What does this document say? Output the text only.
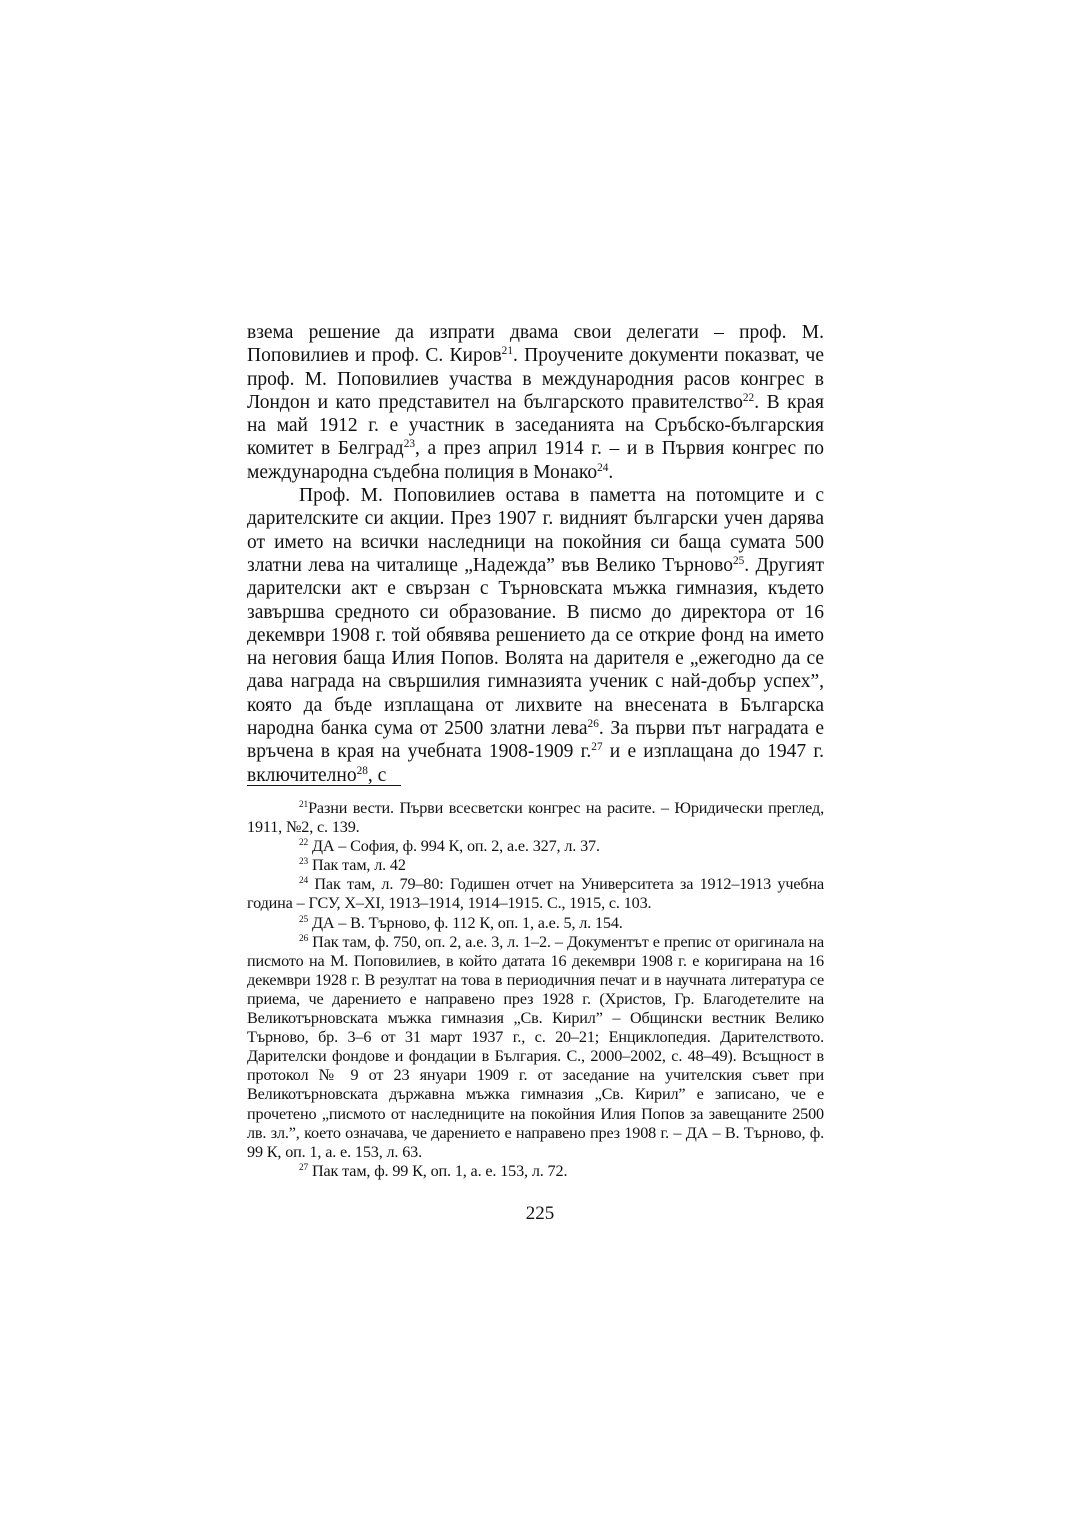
взема решение да изпрати двама свои делегати – проф. М. Поповилиев и проф. С. Киров$^{21}$. Проучените документи показват, че проф. М. Поповилиев участва в международния расов конгрес в Лондон и като представител на българското правителство$^{22}$. В края на май 1912 г. е участник в заседанията на Сръбско-българския комитет в Белград$^{23}$, а през април 1914 г. – и в Първия конгрес по международна съдебна полиция в Монако$^{24}$.

Проф. М. Поповилиев остава в паметта на потомците и с дарителските си акции. През 1907 г. видният български учен дарява от името на всички наследници на покойния си баща сумата 500 златни лева на читалище „Надежда” във Велико Търново$^{25}$. Другият дарителски акт е свързан с Търновската мъжка гимназия, където завършва средното си образование. В писмо до директора от 16 декември 1908 г. той обявява решението да се открие фонд на името на неговия баща Илия Попов. Волята на дарителя е „ежегодно да се дава награда на свършилия гимназията ученик с най-добър успех”, която да бъде изплащана от лихвите на внесената в Българска народна банка сума от 2500 златни лева$^{26}$. За първи път наградата е връчена в края на учебната 1908-1909 г.$^{27}$ и е изплащана до 1947 г. включително$^{28}$, с

$^{21}$Разни вести. Първи всесветски конгрес на расите. – Юридически преглед, 1911, №2, с. 139.

$^{22}$ ДА – София, ф. 994 К, оп. 2, а.е. 327, л. 37.

$^{23}$ Пак там, л. 42

$^{24}$ Пак там, л. 79–80: Годишен отчет на Университета за 1912–1913 учебна година – ГСУ, Х–ХI, 1913–1914, 1914–1915. С., 1915, с. 103.

$^{25}$ ДА – В. Търново, ф. 112 К, оп. 1, а.е. 5, л. 154.

$^{26}$ Пак там, ф. 750, оп. 2, а.е. 3, л. 1–2. – Документът е препис от оригинала на писмото на М. Поповилиев, в който датата 16 декември 1908 г. е коригирана на 16 декември 1928 г. В резултат на това в периодичния печат и в научната литература се приема, че дарението е направено през 1928 г. (Христов, Гр. Благодетелите на Великотърновската мъжка гимназия „Св. Кирил” – Общински вестник Велико Търново, бр. 3–6 от 31 март 1937 г., с. 20–21; Енциклопедия. Дарителството. Дарителски фондове и фондации в България. С., 2000–2002, с. 48–49). Всъщност в протокол № 9 от 23 януари 1909 г. от заседание на учителския съвет при Великотърновската държавна мъжка гимназия „Св. Кирил” е записано, че е прочетено „писмото от наследниците на покойния Илия Попов за завещаните 2500 лв. зл.”, което означава, че дарението е направено през 1908 г. – ДА – В. Търново, ф. 99 К, оп. 1, а. е. 153, л. 63.

$^{27}$ Пак там, ф. 99 К, оп. 1, а. е. 153, л. 72.

225
